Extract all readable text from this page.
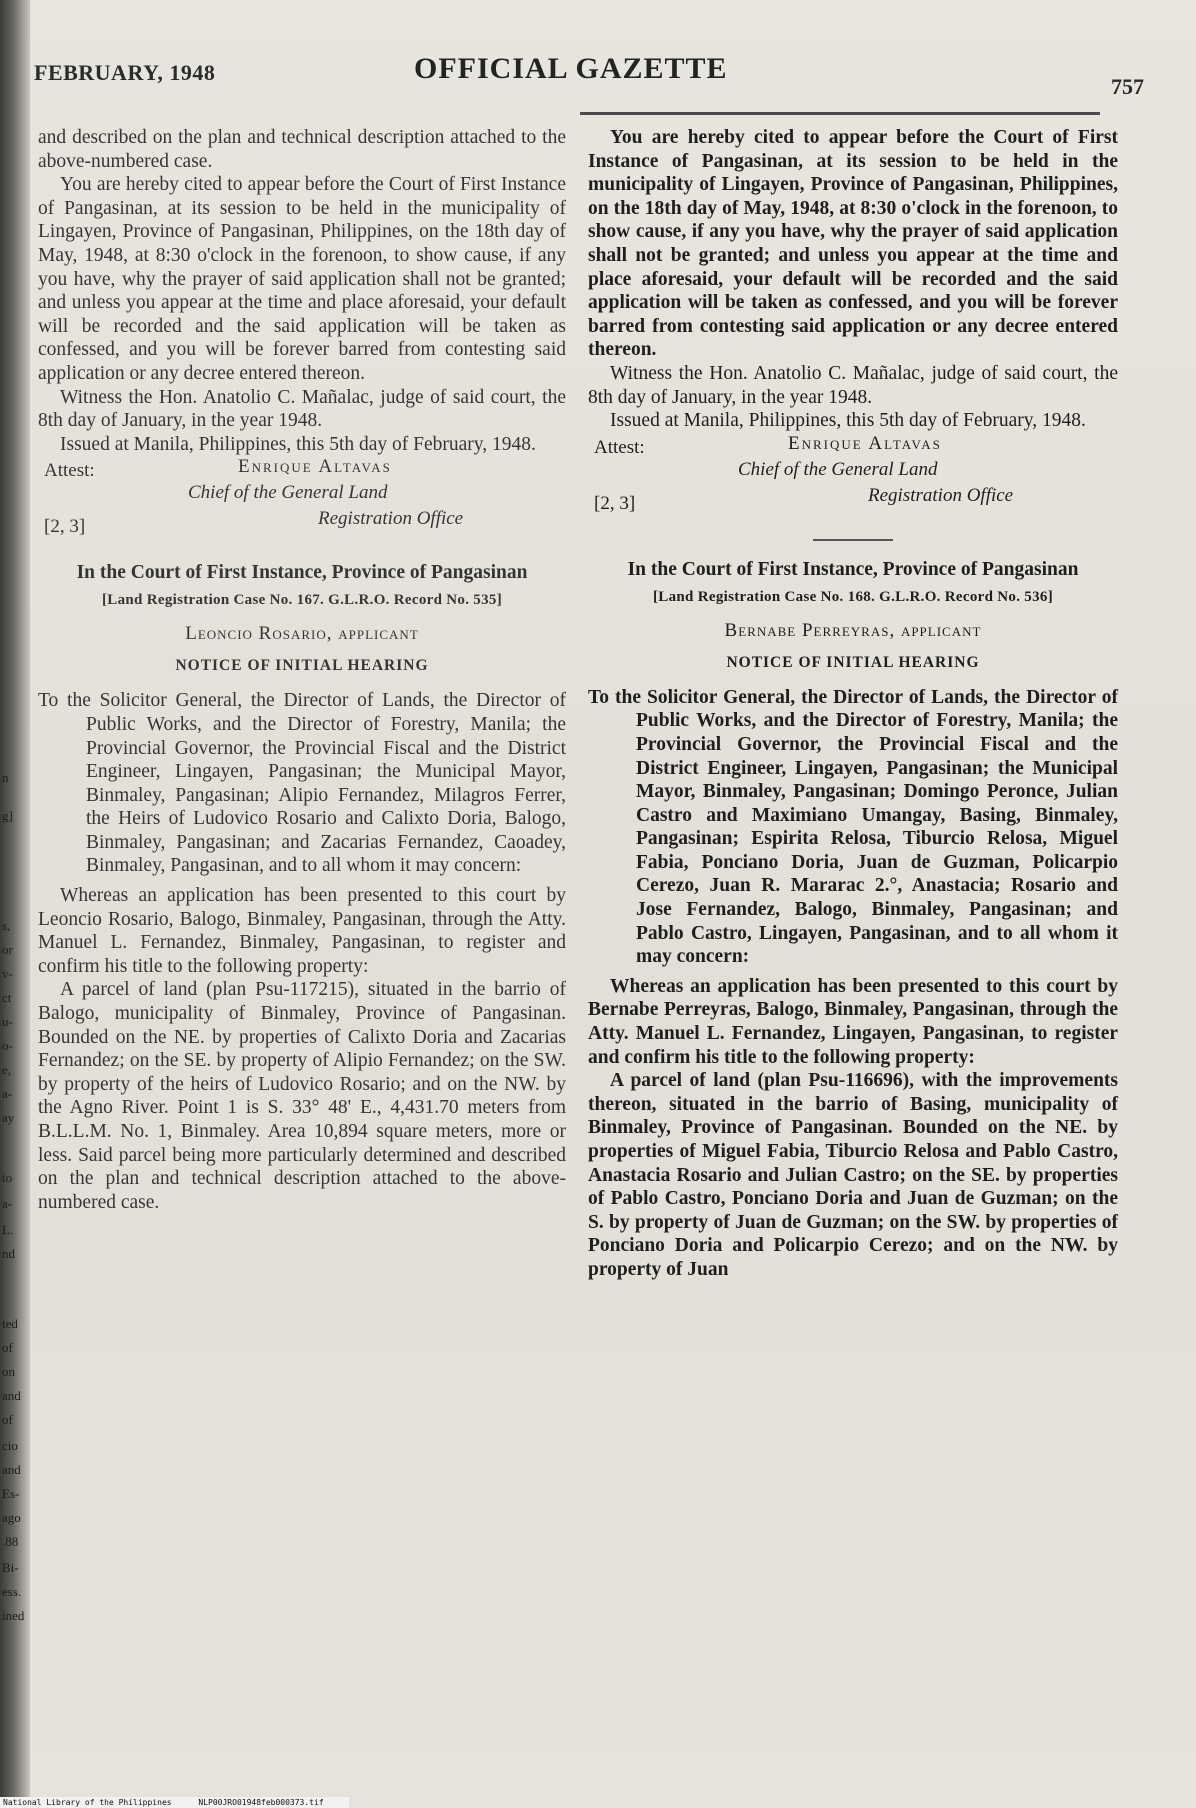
n
g]
s,
or
v-
ct
u-
o-
e,
a-
ay
to
a-
L.
nd
ted
of
on
and
of
cio
and
Es-
ago
.88
Bi-
ess.
ined
FEBRUARY, 1948	OFFICIAL GAZETTE
757

and described on the plan and technical description attached to the above-numbered case.

You are hereby cited to appear before the Court of First Instance of Pangasinan, at its session to be held in the municipality of Lingayen, Province of Pangasinan, Philippines, on the 18th day of May, 1948, at 8:30 o'clock in the forenoon, to show cause, if any you have, why the prayer of said application shall not be granted; and unless you appear at the time and place aforesaid, your default will be recorded and the said application will be taken as confessed, and you will be forever barred from contesting said application or any decree entered thereon.

Witness the Hon. Anatolio C. Mañalac, judge of said court, the 8th day of January, in the year 1948.

Issued at Manila, Philippines, this 5th day of February, 1948.

Attest:	Enrique Altavas
Chief of the General Land
Registration Office
[2, 3]
In the Court of First Instance, Province of Pangasinan
[Land Registration Case No. 167. G.L.R.O. Record No. 535]
Leoncio Rosario, applicant
NOTICE OF INITIAL HEARING

To the Solicitor General, the Director of Lands, the Director of Public Works, and the Director of Forestry, Manila; the Provincial Governor, the Provincial Fiscal and the District Engineer, Lingayen, Pangasinan; the Municipal Mayor, Binmaley, Pangasinan; Alipio Fernandez, Milagros Ferrer, the Heirs of Ludovico Rosario and Calixto Doria, Balogo, Binmaley, Pangasinan; and Zacarias Fernandez, Caoadey, Binmaley, Pangasinan, and to all whom it may concern:

Whereas an application has been presented to this court by Leoncio Rosario, Balogo, Binmaley, Pangasinan, through the Atty. Manuel L. Fernandez, Binmaley, Pangasinan, to register and confirm his title to the following property:

A parcel of land (plan Psu-117215), situated in the barrio of Balogo, municipality of Binmaley, Province of Pangasinan. Bounded on the NE. by properties of Calixto Doria and Zacarias Fernandez; on the SE. by property of Alipio Fernandez; on the SW. by property of the heirs of Ludovico Rosario; and on the NW. by the Agno River. Point 1 is S. 33° 48' E., 4,431.70 meters from B.L.L.M. No. 1, Binmaley. Area 10,894 square meters, more or less. Said parcel being more particularly determined and described on the plan and technical description attached to the above-numbered case.

You are hereby cited to appear before the Court of First Instance of Pangasinan, at its session to be held in the municipality of Lingayen, Province of Pangasinan, Philippines, on the 18th day of May, 1948, at 8:30 o'clock in the forenoon, to show cause, if any you have, why the prayer of said application shall not be granted; and unless you appear at the time and place aforesaid, your default will be recorded and the said application will be taken as confessed, and you will be forever barred from contesting said application or any decree entered thereon.

Witness the Hon. Anatolio C. Mañalac, judge of said court, the 8th day of January, in the year 1948.

Issued at Manila, Philippines, this 5th day of February, 1948.

Attest:	Enrique Altavas
Chief of the General Land
Registration Office
[2, 3]
In the Court of First Instance, Province of Pangasinan
[Land Registration Case No. 168. G.L.R.O. Record No. 536]
Bernabe Perreyras, applicant
NOTICE OF INITIAL HEARING

To the Solicitor General, the Director of Lands, the Director of Public Works, and the Director of Forestry, Manila; the Provincial Governor, the Provincial Fiscal and the District Engineer, Lingayen, Pangasinan; the Municipal Mayor, Binmaley, Pangasinan; Domingo Peronce, Julian Castro and Maximiano Umangay, Basing, Binmaley, Pangasinan; Espirita Relosa, Tiburcio Relosa, Miguel Fabia, Ponciano Doria, Juan de Guzman, Policarpio Cerezo, Juan R. Mararac 2.°, Anastacia; Rosario and Jose Fernandez, Balogo, Binmaley, Pangasinan; and Pablo Castro, Lingayen, Pangasinan, and to all whom it may concern:

Whereas an application has been presented to this court by Bernabe Perreyras, Balogo, Binmaley, Pangasinan, through the Atty. Manuel L. Fernandez, Lingayen, Pangasinan, to register and confirm his title to the following property:

A parcel of land (plan Psu-116696), with the improvements thereon, situated in the barrio of Basing, municipality of Binmaley, Province of Pangasinan. Bounded on the NE. by properties of Miguel Fabia, Tiburcio Relosa and Pablo Castro, Anastacia Rosario and Julian Castro; on the SE. by properties of Pablo Castro, Ponciano Doria and Juan de Guzman; on the S. by property of Juan de Guzman; on the SW. by properties of Ponciano Doria and Policarpio Cerezo; and on the NW. by property of Juan

National Library of the Philippines	NLP00JRO01948feb000373.tif
